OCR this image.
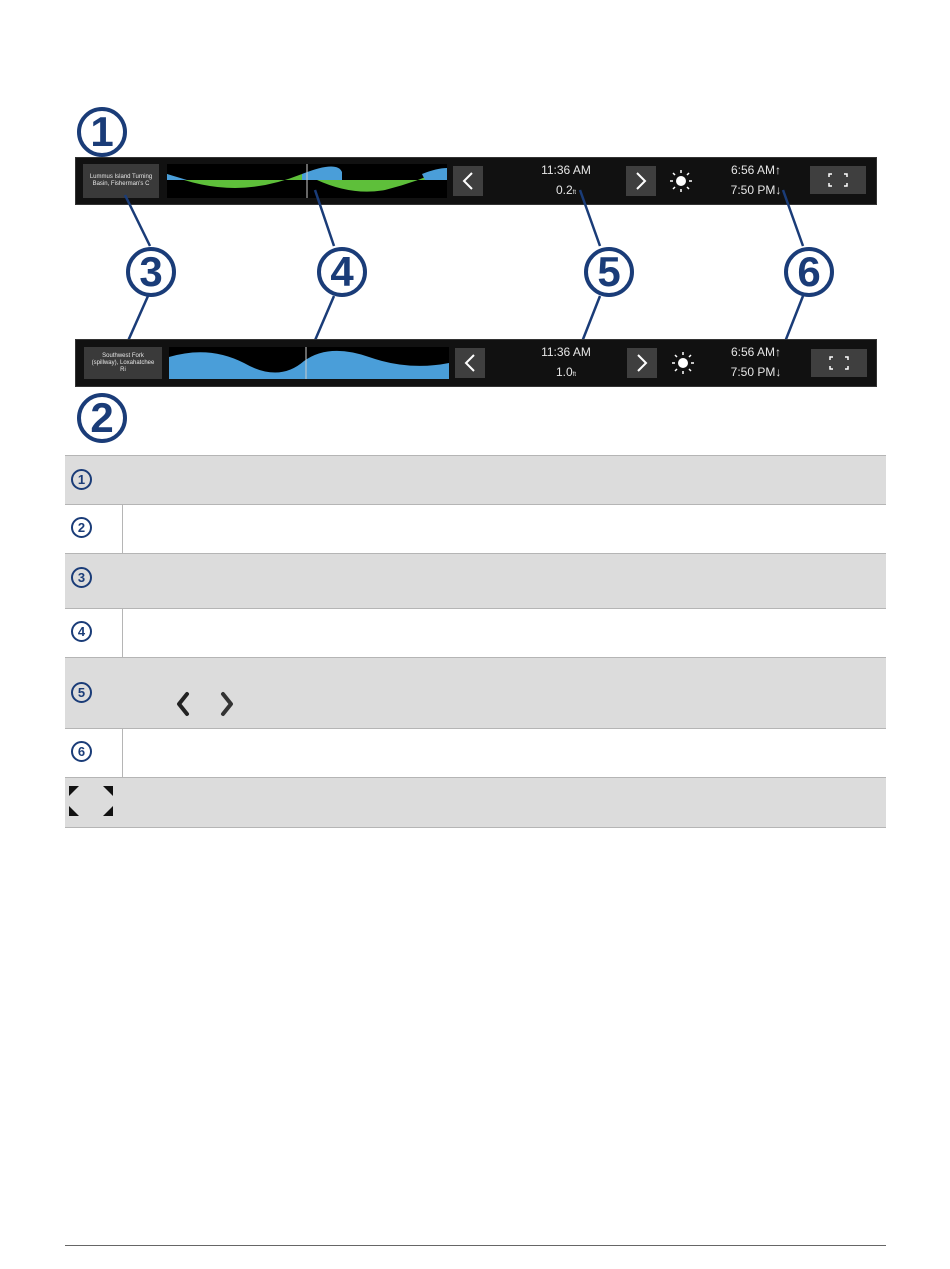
1
Lummus Island Turning Basin, Fisherman's C
11:36 AM
0.2ft
6:56 AM↑
7:50 PM↓
3	4	5	6
Southwest Fork (spillway), Loxahatchee Ri
11:36 AM
1.0ft
6:56 AM↑
7:50 PM↓
2
1
2
3
4
5
6
